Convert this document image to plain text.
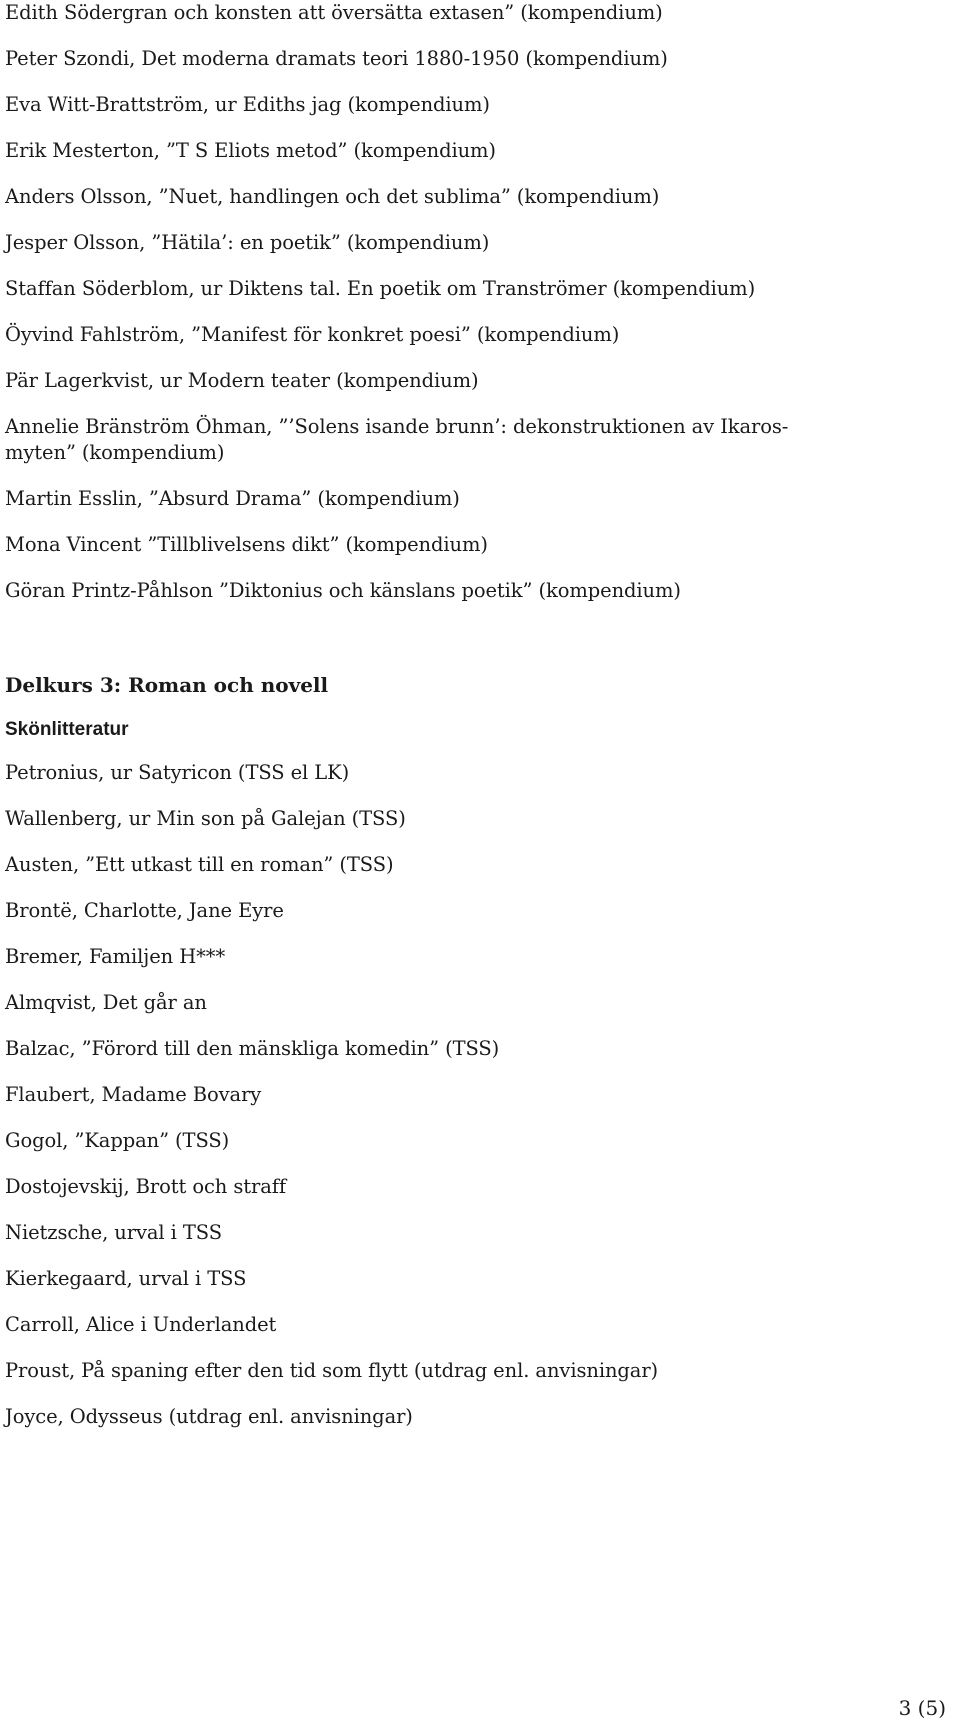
Edith Södergran och konsten att översätta extasen” (kompendium)
Peter Szondi, Det moderna dramats teori 1880-1950 (kompendium)
Eva Witt-Brattström, ur Ediths jag (kompendium)
Erik Mesterton, ”T S Eliots metod” (kompendium)
Anders Olsson, ”Nuet, handlingen och det sublima” (kompendium)
Jesper Olsson, ”Hätila’: en poetik” (kompendium)
Staffan Söderblom, ur Diktens tal. En poetik om Tranströmer (kompendium)
Öyvind Fahlström, ”Manifest för konkret poesi” (kompendium)
Pär Lagerkvist, ur Modern teater (kompendium)
Annelie Bränström Öhman, ”’Solens isande brunn’: dekonstruktionen av Ikaros-myten” (kompendium)
Martin Esslin, ”Absurd Drama” (kompendium)
Mona Vincent ”Tillblivelsens dikt” (kompendium)
Göran Printz-Påhlson ”Diktonius och känslans poetik” (kompendium)
Delkurs 3: Roman och novell
Skönlitteratur
Petronius, ur Satyricon (TSS el LK)
Wallenberg, ur Min son på Galejan (TSS)
Austen, ”Ett utkast till en roman” (TSS)
Brontë, Charlotte, Jane Eyre
Bremer, Familjen H***
Almqvist, Det går an
Balzac, ”Förord till den mänskliga komedin” (TSS)
Flaubert, Madame Bovary
Gogol, ”Kappan” (TSS)
Dostojevskij, Brott och straff
Nietzsche, urval i TSS
Kierkegaard, urval i TSS
Carroll, Alice i Underlandet
Proust, På spaning efter den tid som flytt (utdrag enl. anvisningar)
Joyce, Odysseus (utdrag enl. anvisningar)
3 (5)
